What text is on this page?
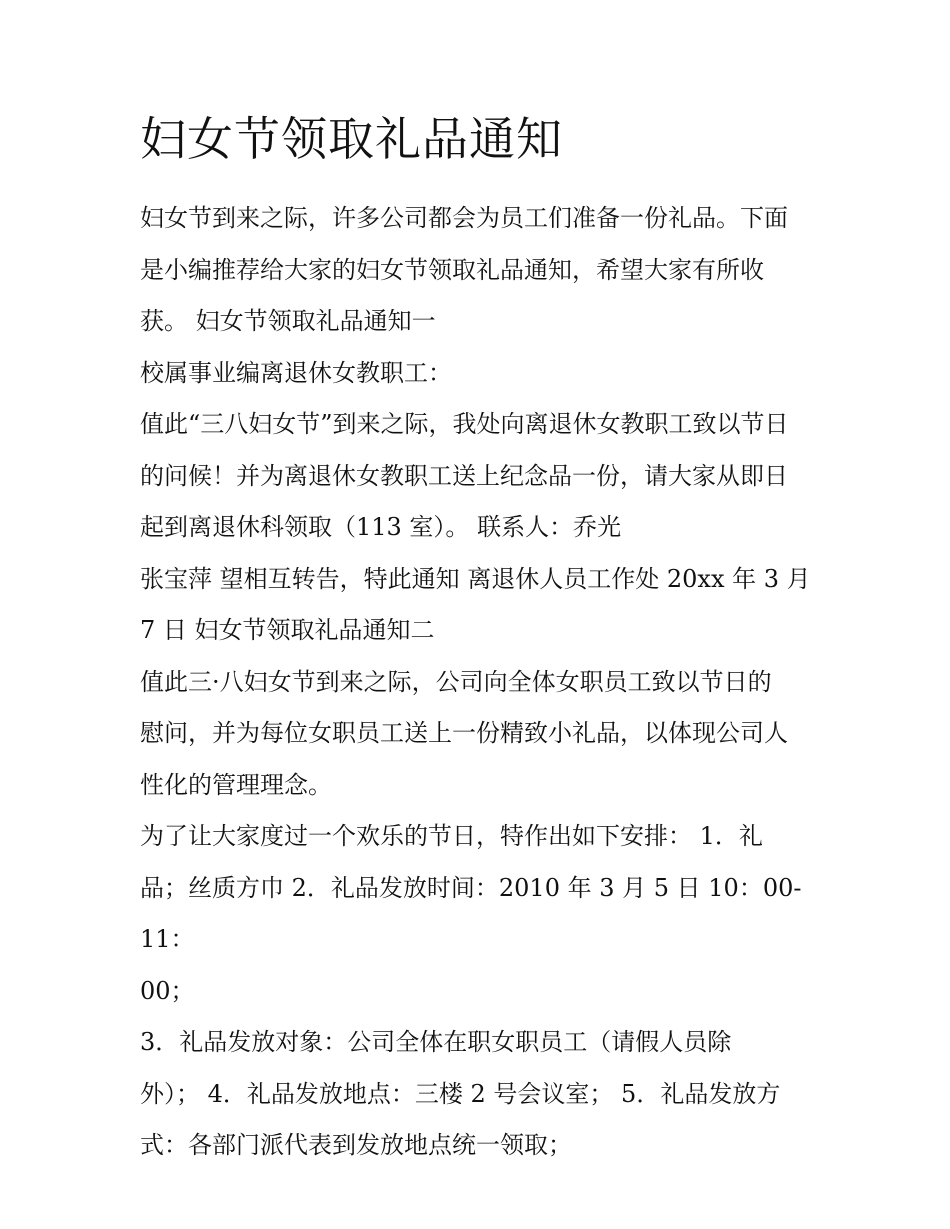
妇女节领取礼品通知

妇女节到来之际，许多公司都会为员工们准备一份礼品。下面
是小编推荐给大家的妇女节领取礼品通知，希望大家有所收
获。 妇女节领取礼品通知一

校属事业编离退休女教职工：

值此“三八妇女节”到来之际，我处向离退休女教职工致以节日
的问候！并为离退休女教职工送上纪念品一份，请大家从即日
起到离退休科领取（113 室）。 联系人：乔光

张宝萍 望相互转告，特此通知 离退休人员工作处 20xx 年 3 月
7 日 妇女节领取礼品通知二

值此三·八妇女节到来之际，公司向全体女职员工致以节日的
慰问，并为每位女职员工送上一份精致小礼品，以体现公司人
性化的管理理念。

为了让大家度过一个欢乐的节日，特作出如下安排： 1．礼
品；丝质方巾 2．礼品发放时间：2010 年 3 月 5 日 10：00- 11：
00；

3．礼品发放对象：公司全体在职女职员工（请假人员除
外）； 4．礼品发放地点：三楼 2 号会议室； 5．礼品发放方
式：各部门派代表到发放地点统一领取；
